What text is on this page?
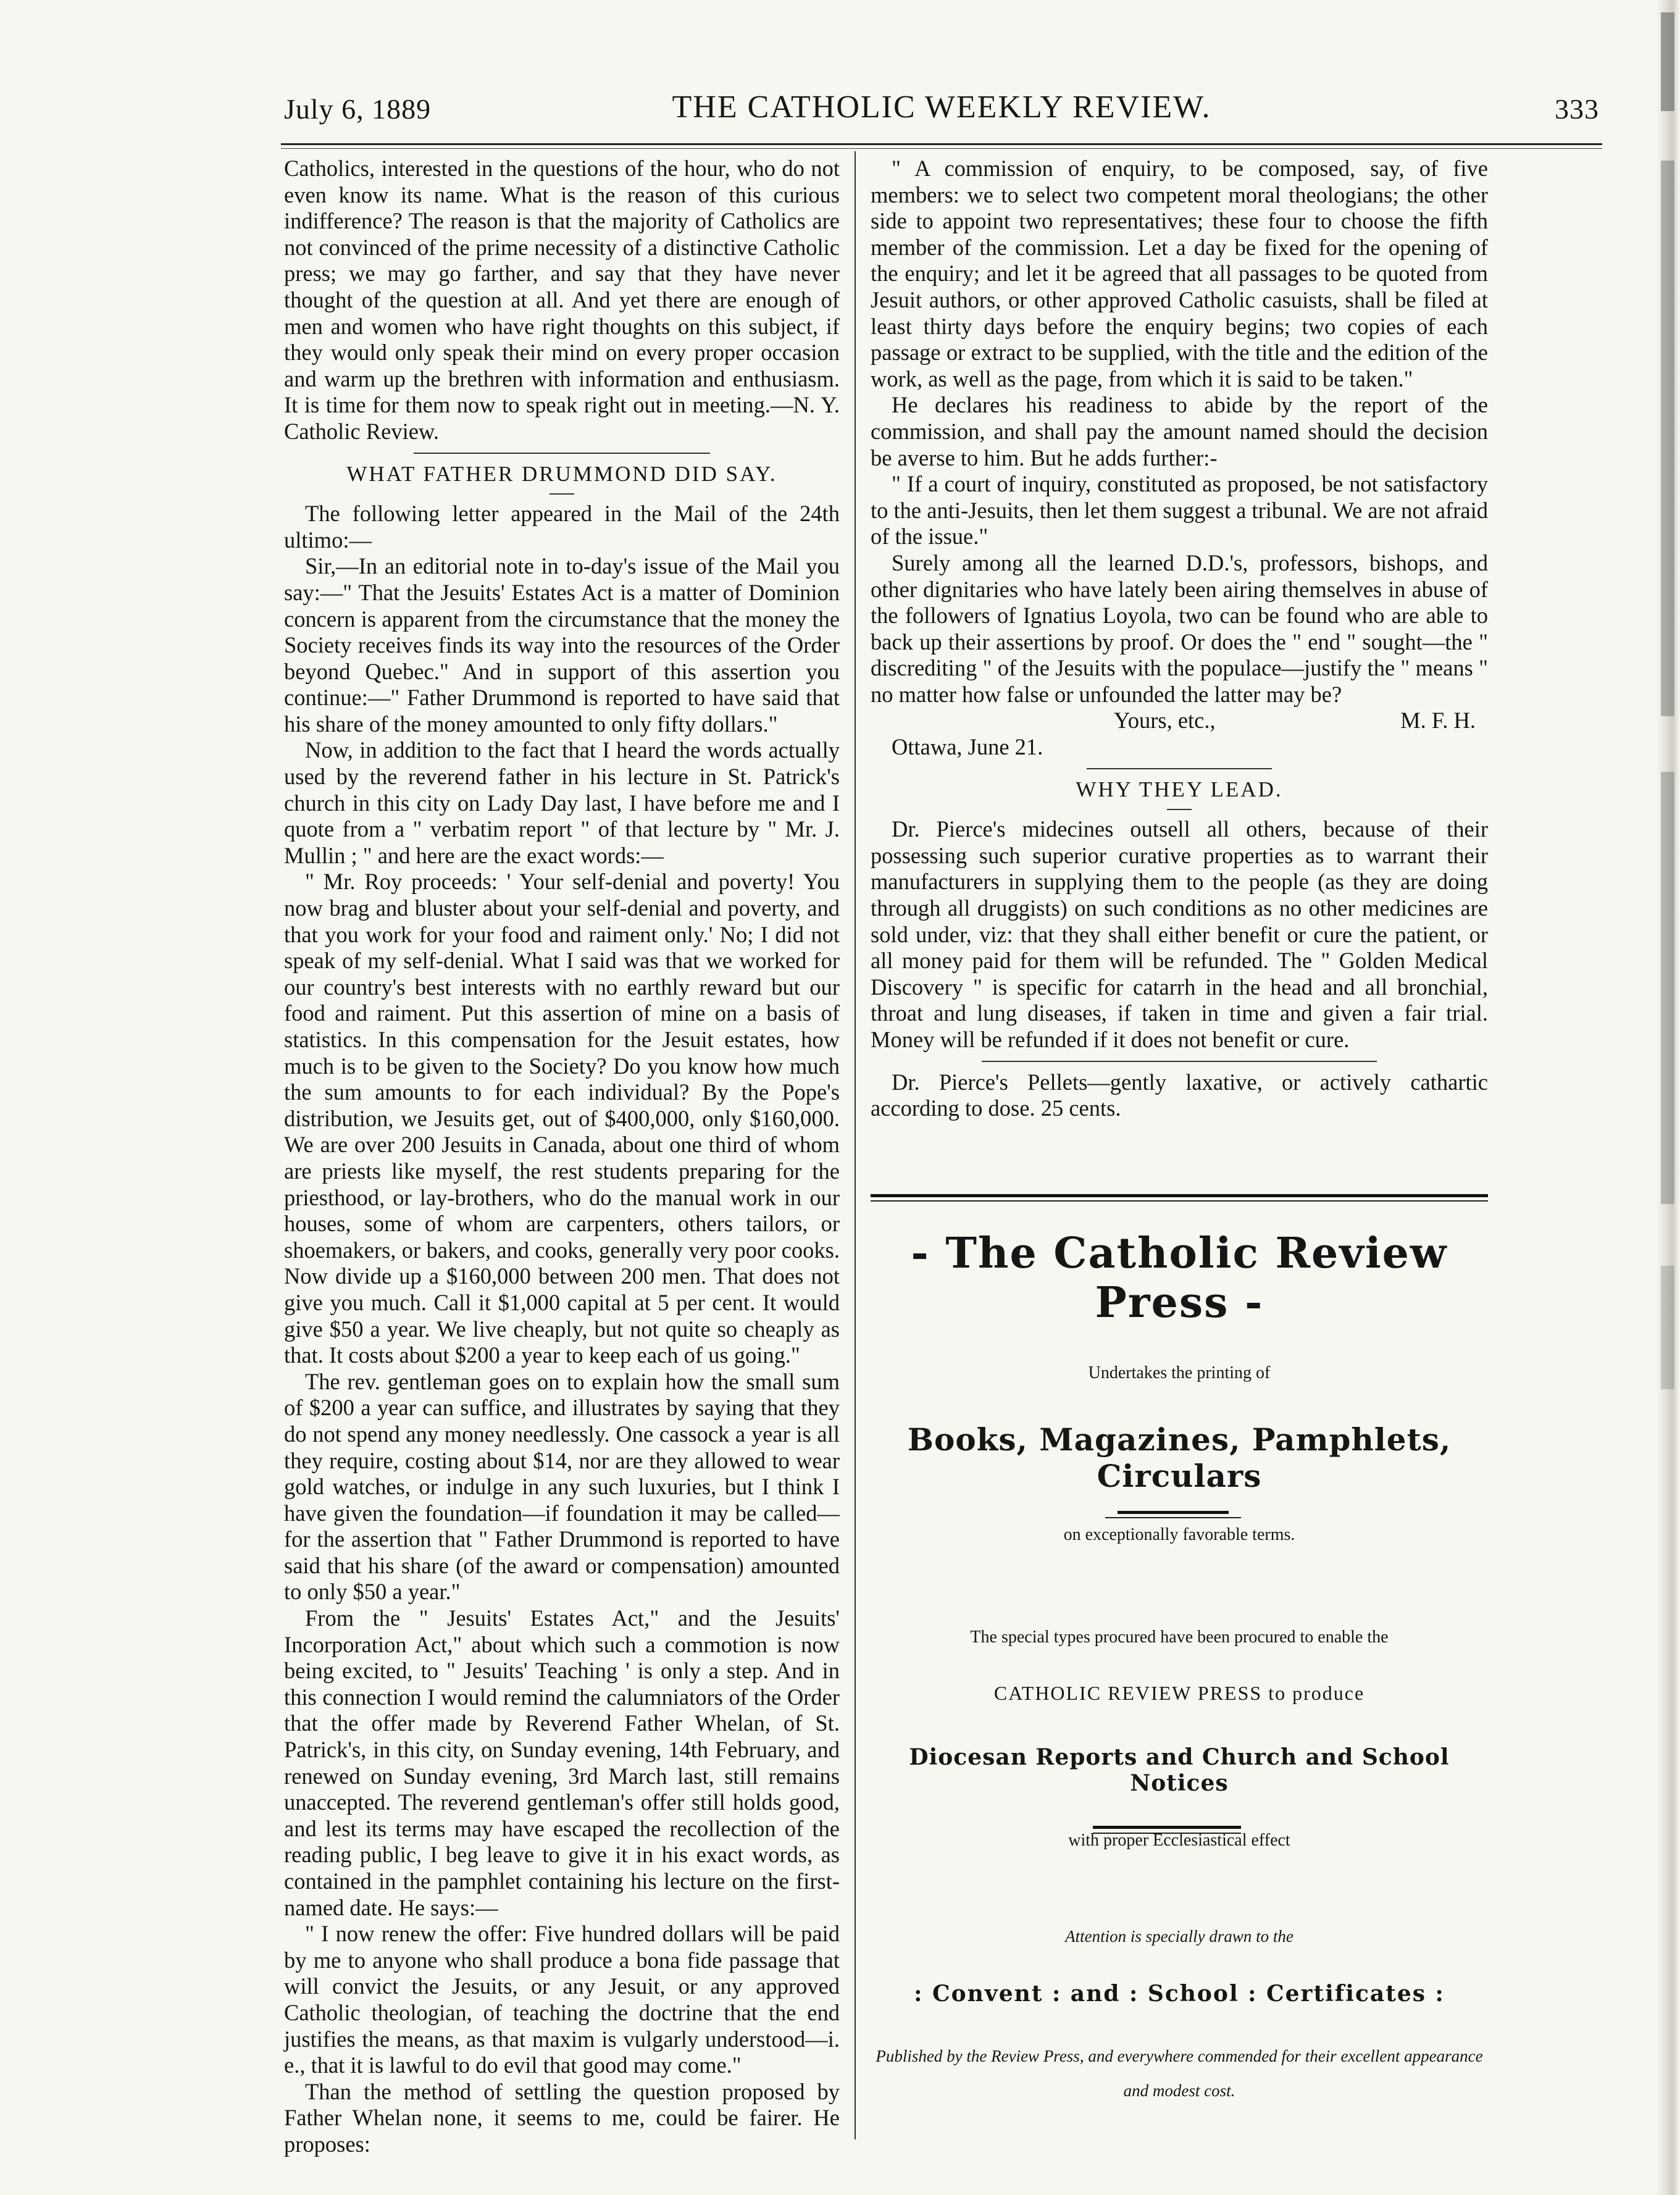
July 6, 1889	THE CATHOLIC WEEKLY REVIEW.	333

Catholics, interested in the questions of the hour, who do not even know its name. What is the reason of this curious indifference? The reason is that the majority of Catholics are not convinced of the prime necessity of a distinctive Catholic press; we may go farther, and say that they have never thought of the question at all. And yet there are enough of men and women who have right thoughts on this subject, if they would only speak their mind on every proper occasion and warm up the brethren with information and enthusiasm. It is time for them now to speak right out in meeting.—N. Y. Catholic Review.

WHAT FATHER DRUMMOND DID SAY.

The following letter appeared in the Mail of the 24th ultimo:—

Sir,—In an editorial note in to-day's issue of the Mail you say:—" That the Jesuits' Estates Act is a matter of Dominion concern is apparent from the circumstance that the money the Society receives finds its way into the resources of the Order beyond Quebec." And in support of this assertion you continue:—" Father Drummond is reported to have said that his share of the money amounted to only fifty dollars."

Now, in addition to the fact that I heard the words actually used by the reverend father in his lecture in St. Patrick's church in this city on Lady Day last, I have before me and I quote from a " verbatim report " of that lecture by " Mr. J. Mullin ; " and here are the exact words:—

" Mr. Roy proceeds: ' Your self-denial and poverty! You now brag and bluster about your self-denial and poverty, and that you work for your food and raiment only.' No; I did not speak of my self-denial. What I said was that we worked for our country's best interests with no earthly reward but our food and raiment. Put this assertion of mine on a basis of statistics. In this compensation for the Jesuit estates, how much is to be given to the Society? Do you know how much the sum amounts to for each individual? By the Pope's distribution, we Jesuits get, out of $400,000, only $160,000. We are over 200 Jesuits in Canada, about one third of whom are priests like myself, the rest students preparing for the priesthood, or lay-brothers, who do the manual work in our houses, some of whom are carpenters, others tailors, or shoemakers, or bakers, and cooks, generally very poor cooks. Now divide up a $160,000 between 200 men. That does not give you much. Call it $1,000 capital at 5 per cent. It would give $50 a year. We live cheaply, but not quite so cheaply as that. It costs about $200 a year to keep each of us going."

The rev. gentleman goes on to explain how the small sum of $200 a year can suffice, and illustrates by saying that they do not spend any money needlessly. One cassock a year is all they require, costing about $14, nor are they allowed to wear gold watches, or indulge in any such luxuries, but I think I have given the foundation—if foundation it may be called—for the assertion that " Father Drummond is reported to have said that his share (of the award or compensation) amounted to only $50 a year."

From the " Jesuits' Estates Act," and the Jesuits' Incorporation Act," about which such a commotion is now being excited, to " Jesuits' Teaching ' is only a step. And in this connection I would remind the calumniators of the Order that the offer made by Reverend Father Whelan, of St. Patrick's, in this city, on Sunday evening, 14th February, and renewed on Sunday evening, 3rd March last, still remains unaccepted. The reverend gentleman's offer still holds good, and lest its terms may have escaped the recollection of the reading public, I beg leave to give it in his exact words, as contained in the pamphlet containing his lecture on the first-named date. He says:—

" I now renew the offer: Five hundred dollars will be paid by me to anyone who shall produce a bona fide passage that will convict the Jesuits, or any Jesuit, or any approved Catholic theologian, of teaching the doctrine that the end justifies the means, as that maxim is vulgarly understood—i. e., that it is lawful to do evil that good may come."

Than the method of settling the question proposed by Father Whelan none, it seems to me, could be fairer. He proposes:

" A commission of enquiry, to be composed, say, of five members: we to select two competent moral theologians; the other side to appoint two representatives; these four to choose the fifth member of the commission. Let a day be fixed for the opening of the enquiry; and let it be agreed that all passages to be quoted from Jesuit authors, or other approved Catholic casuists, shall be filed at least thirty days before the enquiry begins; two copies of each passage or extract to be supplied, with the title and the edition of the work, as well as the page, from which it is said to be taken."

He declares his readiness to abide by the report of the commission, and shall pay the amount named should the decision be averse to him. But he adds further:-

" If a court of inquiry, constituted as proposed, be not satisfactory to the anti-Jesuits, then let them suggest a tribunal. We are not afraid of the issue."

Surely among all the learned D.D.'s, professors, bishops, and other dignitaries who have lately been airing themselves in abuse of the followers of Ignatius Loyola, two can be found who are able to back up their assertions by proof. Or does the " end " sought—the " discrediting " of the Jesuits with the populace—justify the " means " no matter how false or unfounded the latter may be?

Yours, etc.,	M. F. H.

Ottawa, June 21.

WHY THEY LEAD.

Dr. Pierce's midecines outsell all others, because of their possessing such superior curative properties as to warrant their manufacturers in supplying them to the people (as they are doing through all druggists) on such conditions as no other medicines are sold under, viz: that they shall either benefit or cure the patient, or all money paid for them will be refunded. The " Golden Medical Discovery " is specific for catarrh in the head and all bronchial, throat and lung diseases, if taken in time and given a fair trial. Money will be refunded if it does not benefit or cure.

Dr. Pierce's Pellets—gently laxative, or actively cathartic according to dose. 25 cents.

- The Catholic Review Press -

Undertakes the printing of

Books, Magazines, Pamphlets, Circulars

on exceptionally favorable terms.

The special types procured have been procured to enable the

CATHOLIC REVIEW PRESS to produce

Diocesan Reports and Church and School Notices

with proper Ecclesiastical effect

Attention is specially drawn to the

: Convent : and : School : Certificates :

Published by the Review Press, and everywhere commended for their excellent appearance and modest cost.
